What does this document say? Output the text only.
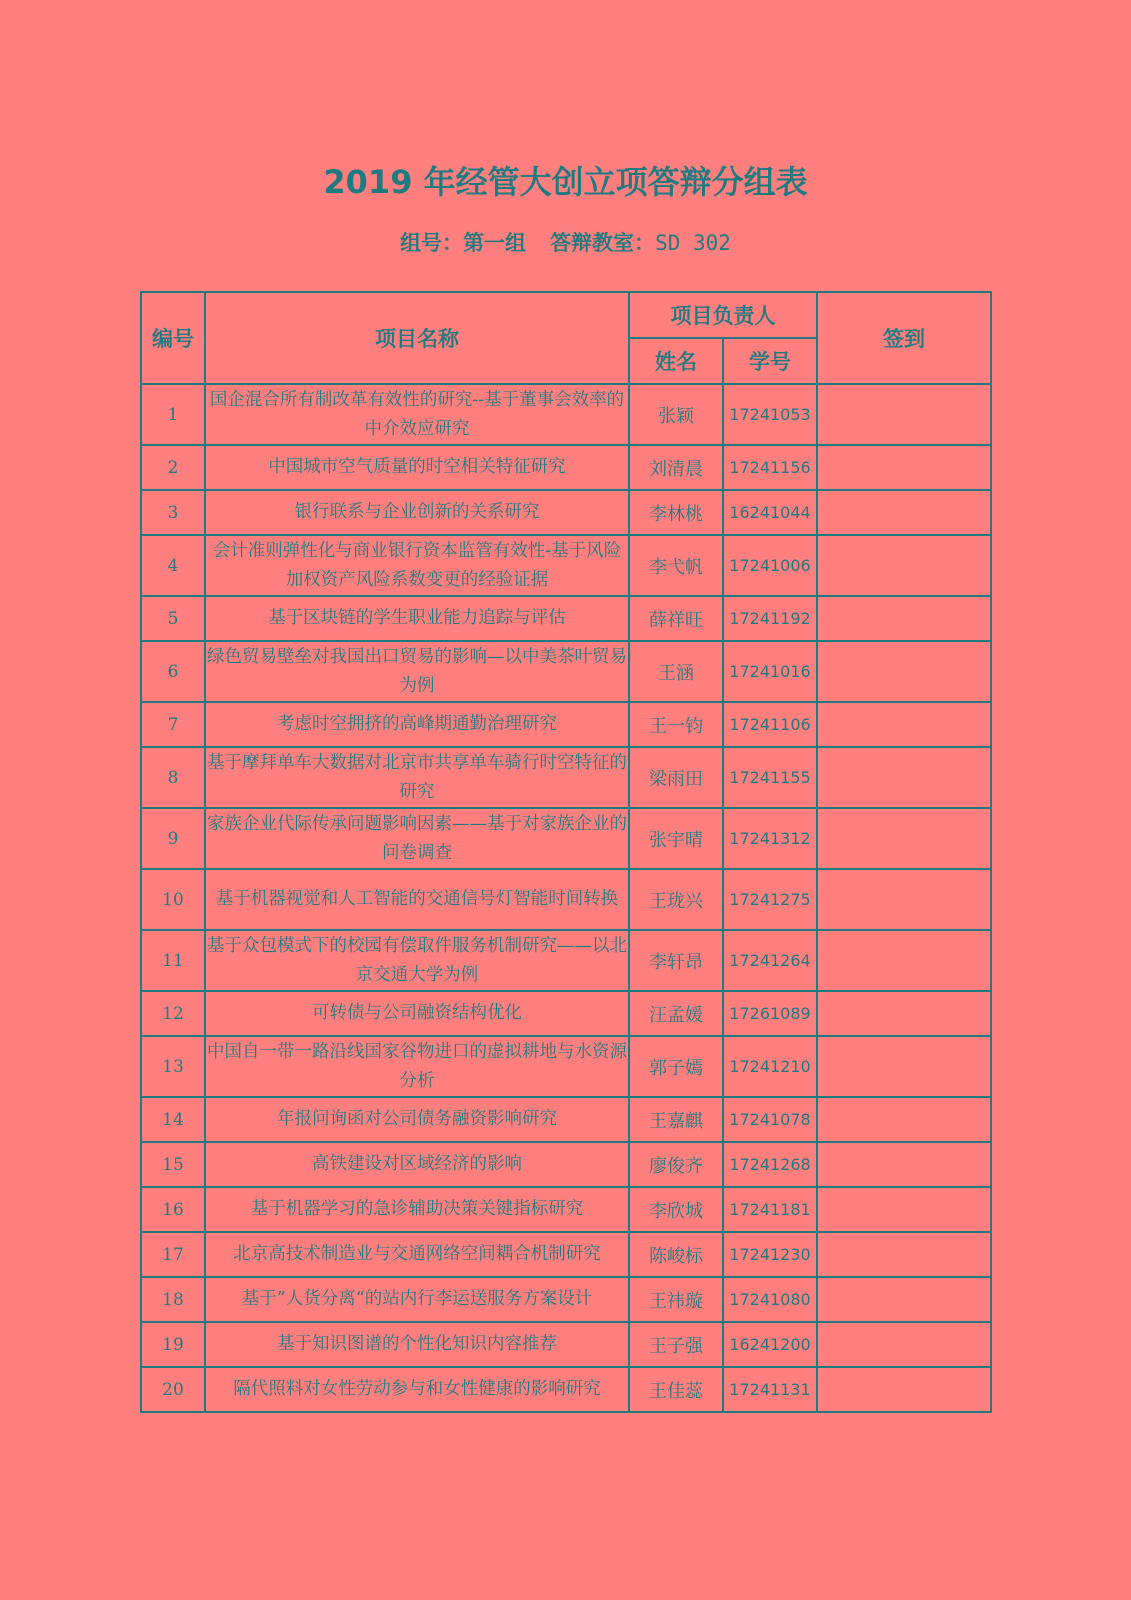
2019 年经管大创立项答辩分组表
组号：第一组 答辩教室：SD 302
编号	项目名称	项目负责人		签到
		姓名	学号	
1	国企混合所有制改革有效性的研究--基于董事会效率的中介效应研究	张颖	17241053	
2	中国城市空气质量的时空相关特征研究	刘清晨	17241156	
3	银行联系与企业创新的关系研究	李林桃	16241044	
4	会计准则弹性化与商业银行资本监管有效性-基于风险加权资产风险系数变更的经验证据	李弋帆	17241006	
5	基于区块链的学生职业能力追踪与评估	薛祥旺	17241192	
6	绿色贸易壁垒对我国出口贸易的影响—以中美茶叶贸易为例	王涵	17241016	
7	考虑时空拥挤的高峰期通勤治理研究	王一钧	17241106	
8	基于摩拜单车大数据对北京市共享单车骑行时空特征的研究	梁雨田	17241155	
9	家族企业代际传承问题影响因素——基于对家族企业的问卷调查	张宇晴	17241312	
10	基于机器视觉和人工智能的交通信号灯智能时间转换	王珑兴	17241275	
11	基于众包模式下的校园有偿取件服务机制研究——以北京交通大学为例	李轩昂	17241264	
12	可转债与公司融资结构优化	汪孟媛	17261089	
13	中国自一带一路沿线国家谷物进口的虚拟耕地与水资源分析	郭子嫣	17241210	
14	年报问询函对公司债务融资影响研究	王嘉麒	17241078	
15	高铁建设对区域经济的影响	廖俊齐	17241268	
16	基于机器学习的急诊辅助决策关键指标研究	李欣城	17241181	
17	北京高技术制造业与交通网络空间耦合机制研究	陈峻标	17241230	
18	基于”人货分离“的站内行李运送服务方案设计	王祎璇	17241080	
19	基于知识图谱的个性化知识内容推荐	王子强	16241200	
20	隔代照料对女性劳动参与和女性健康的影响研究	王佳蕊	17241131	
